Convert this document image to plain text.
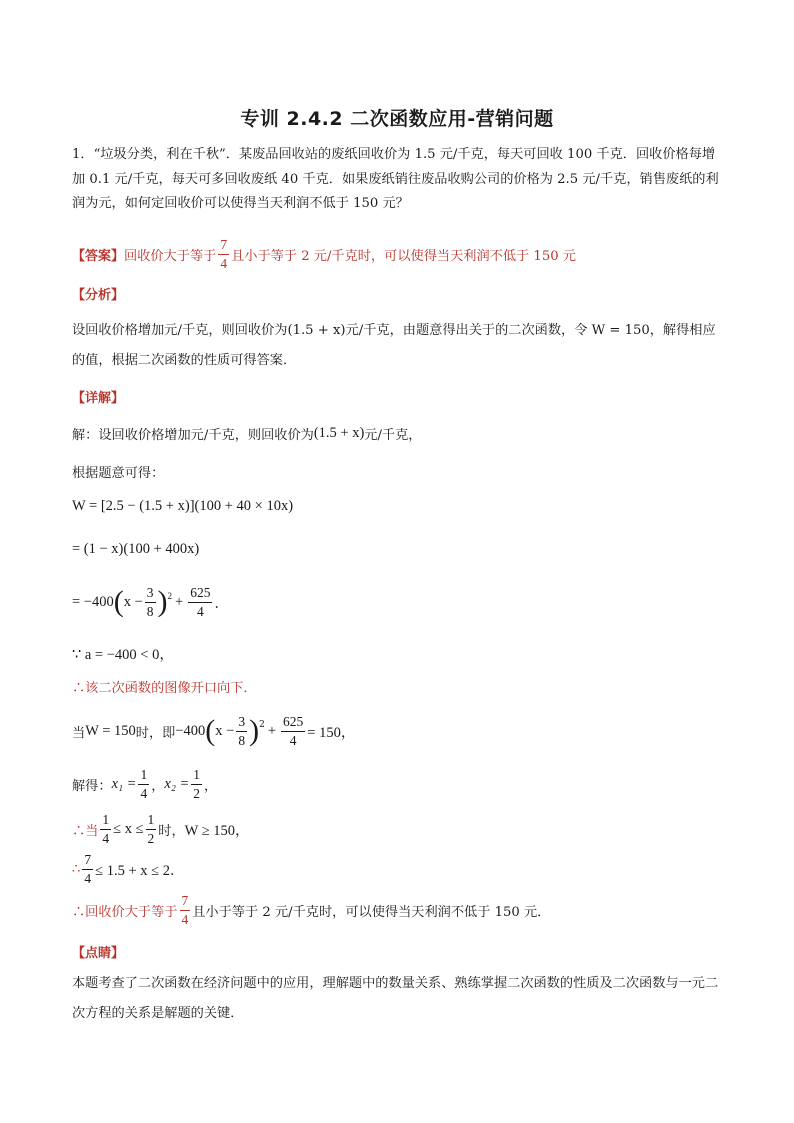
专训 2.4.2 二次函数应用-营销问题
1．“垃圾分类，利在千秋”．某废品回收站的废纸回收价为 1.5 元/千克，每天可回收 100 千克．回收价格每增加 0.1 元/千克，每天可多回收废纸 40 千克．如果废纸销往废品收购公司的价格为 2.5 元/千克，销售废纸的利润为元，如何定回收价可以使得当天利润不低于 150 元？
【答案】 回收价大于等于 $\frac{7}{4}$ 且小于等于 2 元/千克时，可以使得当天利润不低于 150 元
【分析】
设回收价格增加元/千克，则回收价为(1.5 + x)元/千克，由题意得出关于的二次函数，令 W = 150，解得相应的值，根据二次函数的性质可得答案．
【详解】
解：设回收价格增加元/千克，则回收价为 (1.5 + x) 元/千克，
根据题意可得：
W = [2.5 − (1.5 + x)](100 + 40 × 10x)
= (1 − x)(100 + 400x)
= −400 ( $x - \frac{3}{8} )^2 + \frac{625}{4}$ ．
∵ a = −400 < 0，
∴该二次函数的图像开口向下．
当 W = 150 时，即 −400 ( $x - \frac{3}{8} )^2 + \frac{625}{4} = 150$，
解得： $x_1 = \frac{1}{4}$ ， $x_2 = \frac{1}{2}$ ，
∴当 $\frac{1}{4} \le x \le \frac{1}{2}$ 时， W ≥ 150，
∴ $\frac{7}{4} \le 1.5 + x \le 2$．
∴回收价大于等于 $\frac{7}{4}$ 且小于等于 2 元/千克时，可以使得当天利润不低于 150 元．
【点睛】
本题考查了二次函数在经济问题中的应用，理解题中的数量关系、熟练掌握二次函数的性质及二次函数与一元二次方程的关系是解题的关键．
